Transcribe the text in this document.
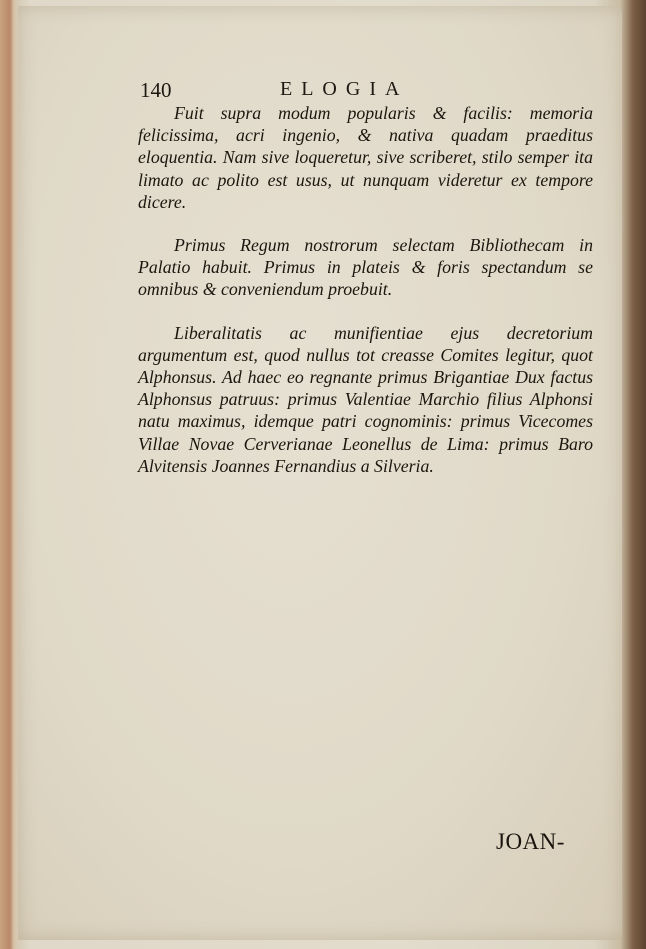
140	ELOGIA

Fuit supra modum popularis & facilis: memoria felicissima, acri ingenio, & nativa quadam praeditus eloquentia. Nam sive loqueretur, sive scriberet, stilo semper ita limato ac polito est usus, ut nunquam videretur ex tempore dicere.

Primus Regum nostrorum selectam Bibliothecam in Palatio habuit. Primus in plateis & foris spectandum se omnibus & conveniendum proebuit.

Liberalitatis ac munifientiae ejus decretorium argumentum est, quod nullus tot creasse Comites legitur, quot Alphonsus. Ad haec eo regnante primus Brigantiae Dux factus Alphonsus patruus: primus Valentiae Marchio filius Alphonsi natu maximus, idemque patri cognominis: primus Vicecomes Villae Novae Cerverianae Leonellus de Lima: primus Baro Alvitensis Joannes Fernandius a Silveria.

JOAN-
